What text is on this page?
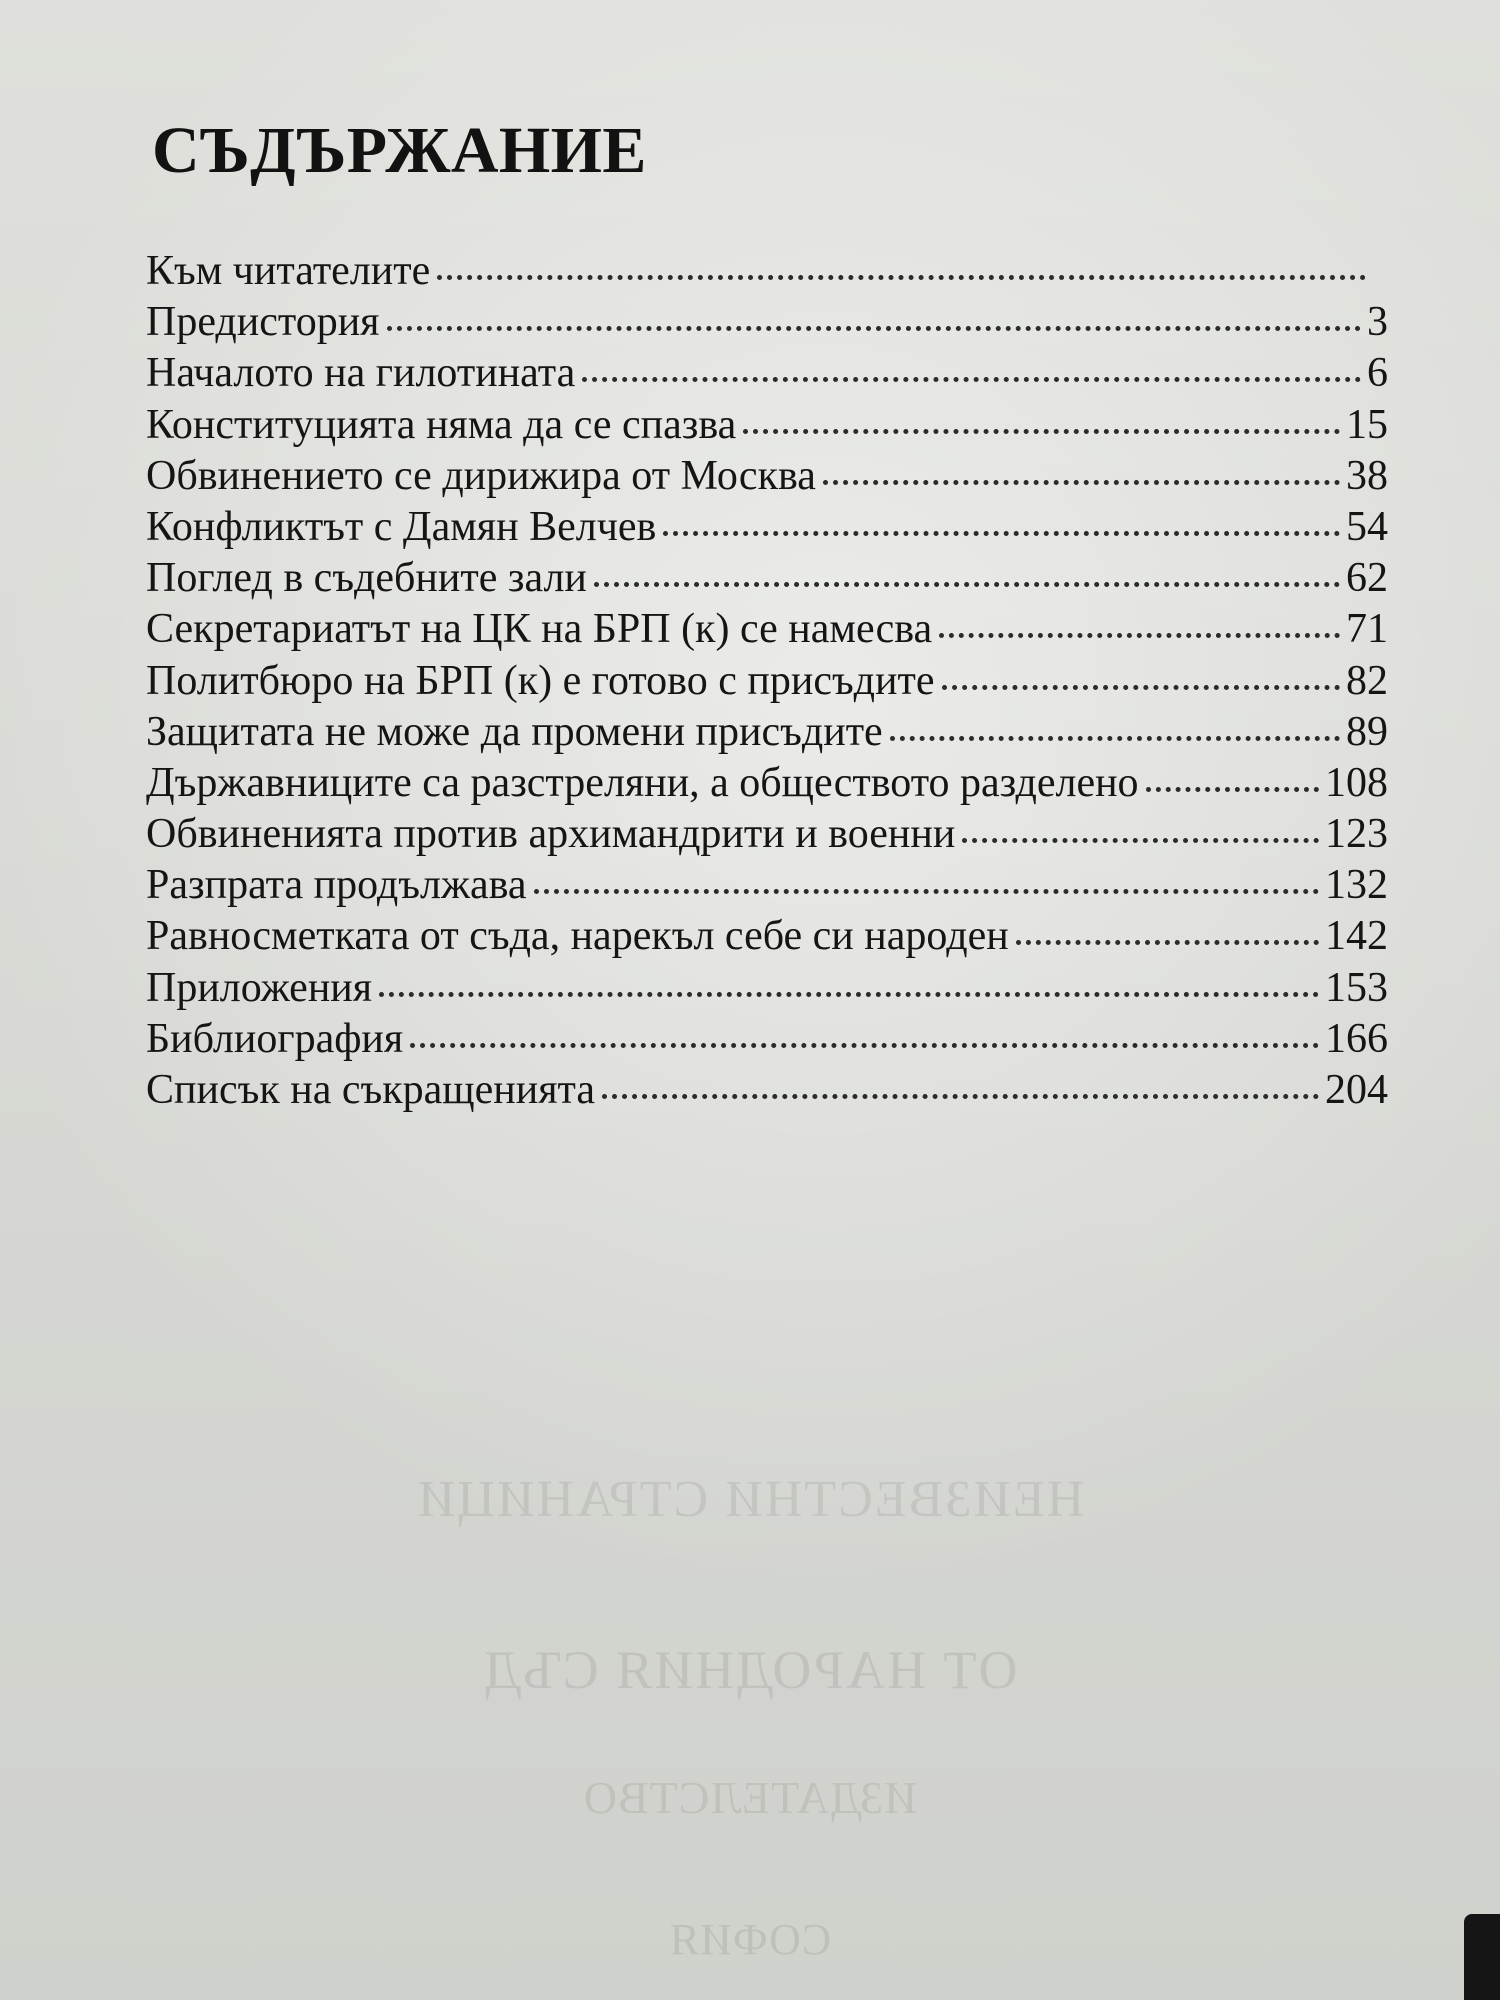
НЕИЗВЕСТНИ СТРАНИЦИ
ОТ НАРОДНИЯ СЪД
ИЗДАТЕЛСТВО
СОФИЯ
СЪДЪРЖАНИЕ
Към читателите
Предистория	3
Началото на гилотината	6
Конституцията няма да се спазва	15
Обвинението се дирижира от Москва	38
Конфликтът с Дамян Велчев	54
Поглед в съдебните зали	62
Секретариатът на ЦК на БРП (к) се намесва	71
Политбюро на БРП (к) е готово с присъдите	82
Защитата не може да промени присъдите	89
Държавниците са разстреляни, а обществото разделено	108
Обвиненията против архимандрити и военни	123
Разпрата продължава	132
Равносметката от съда, нарекъл себе си народен	142
Приложения	153
Библиография	166
Списък на съкращенията	204
